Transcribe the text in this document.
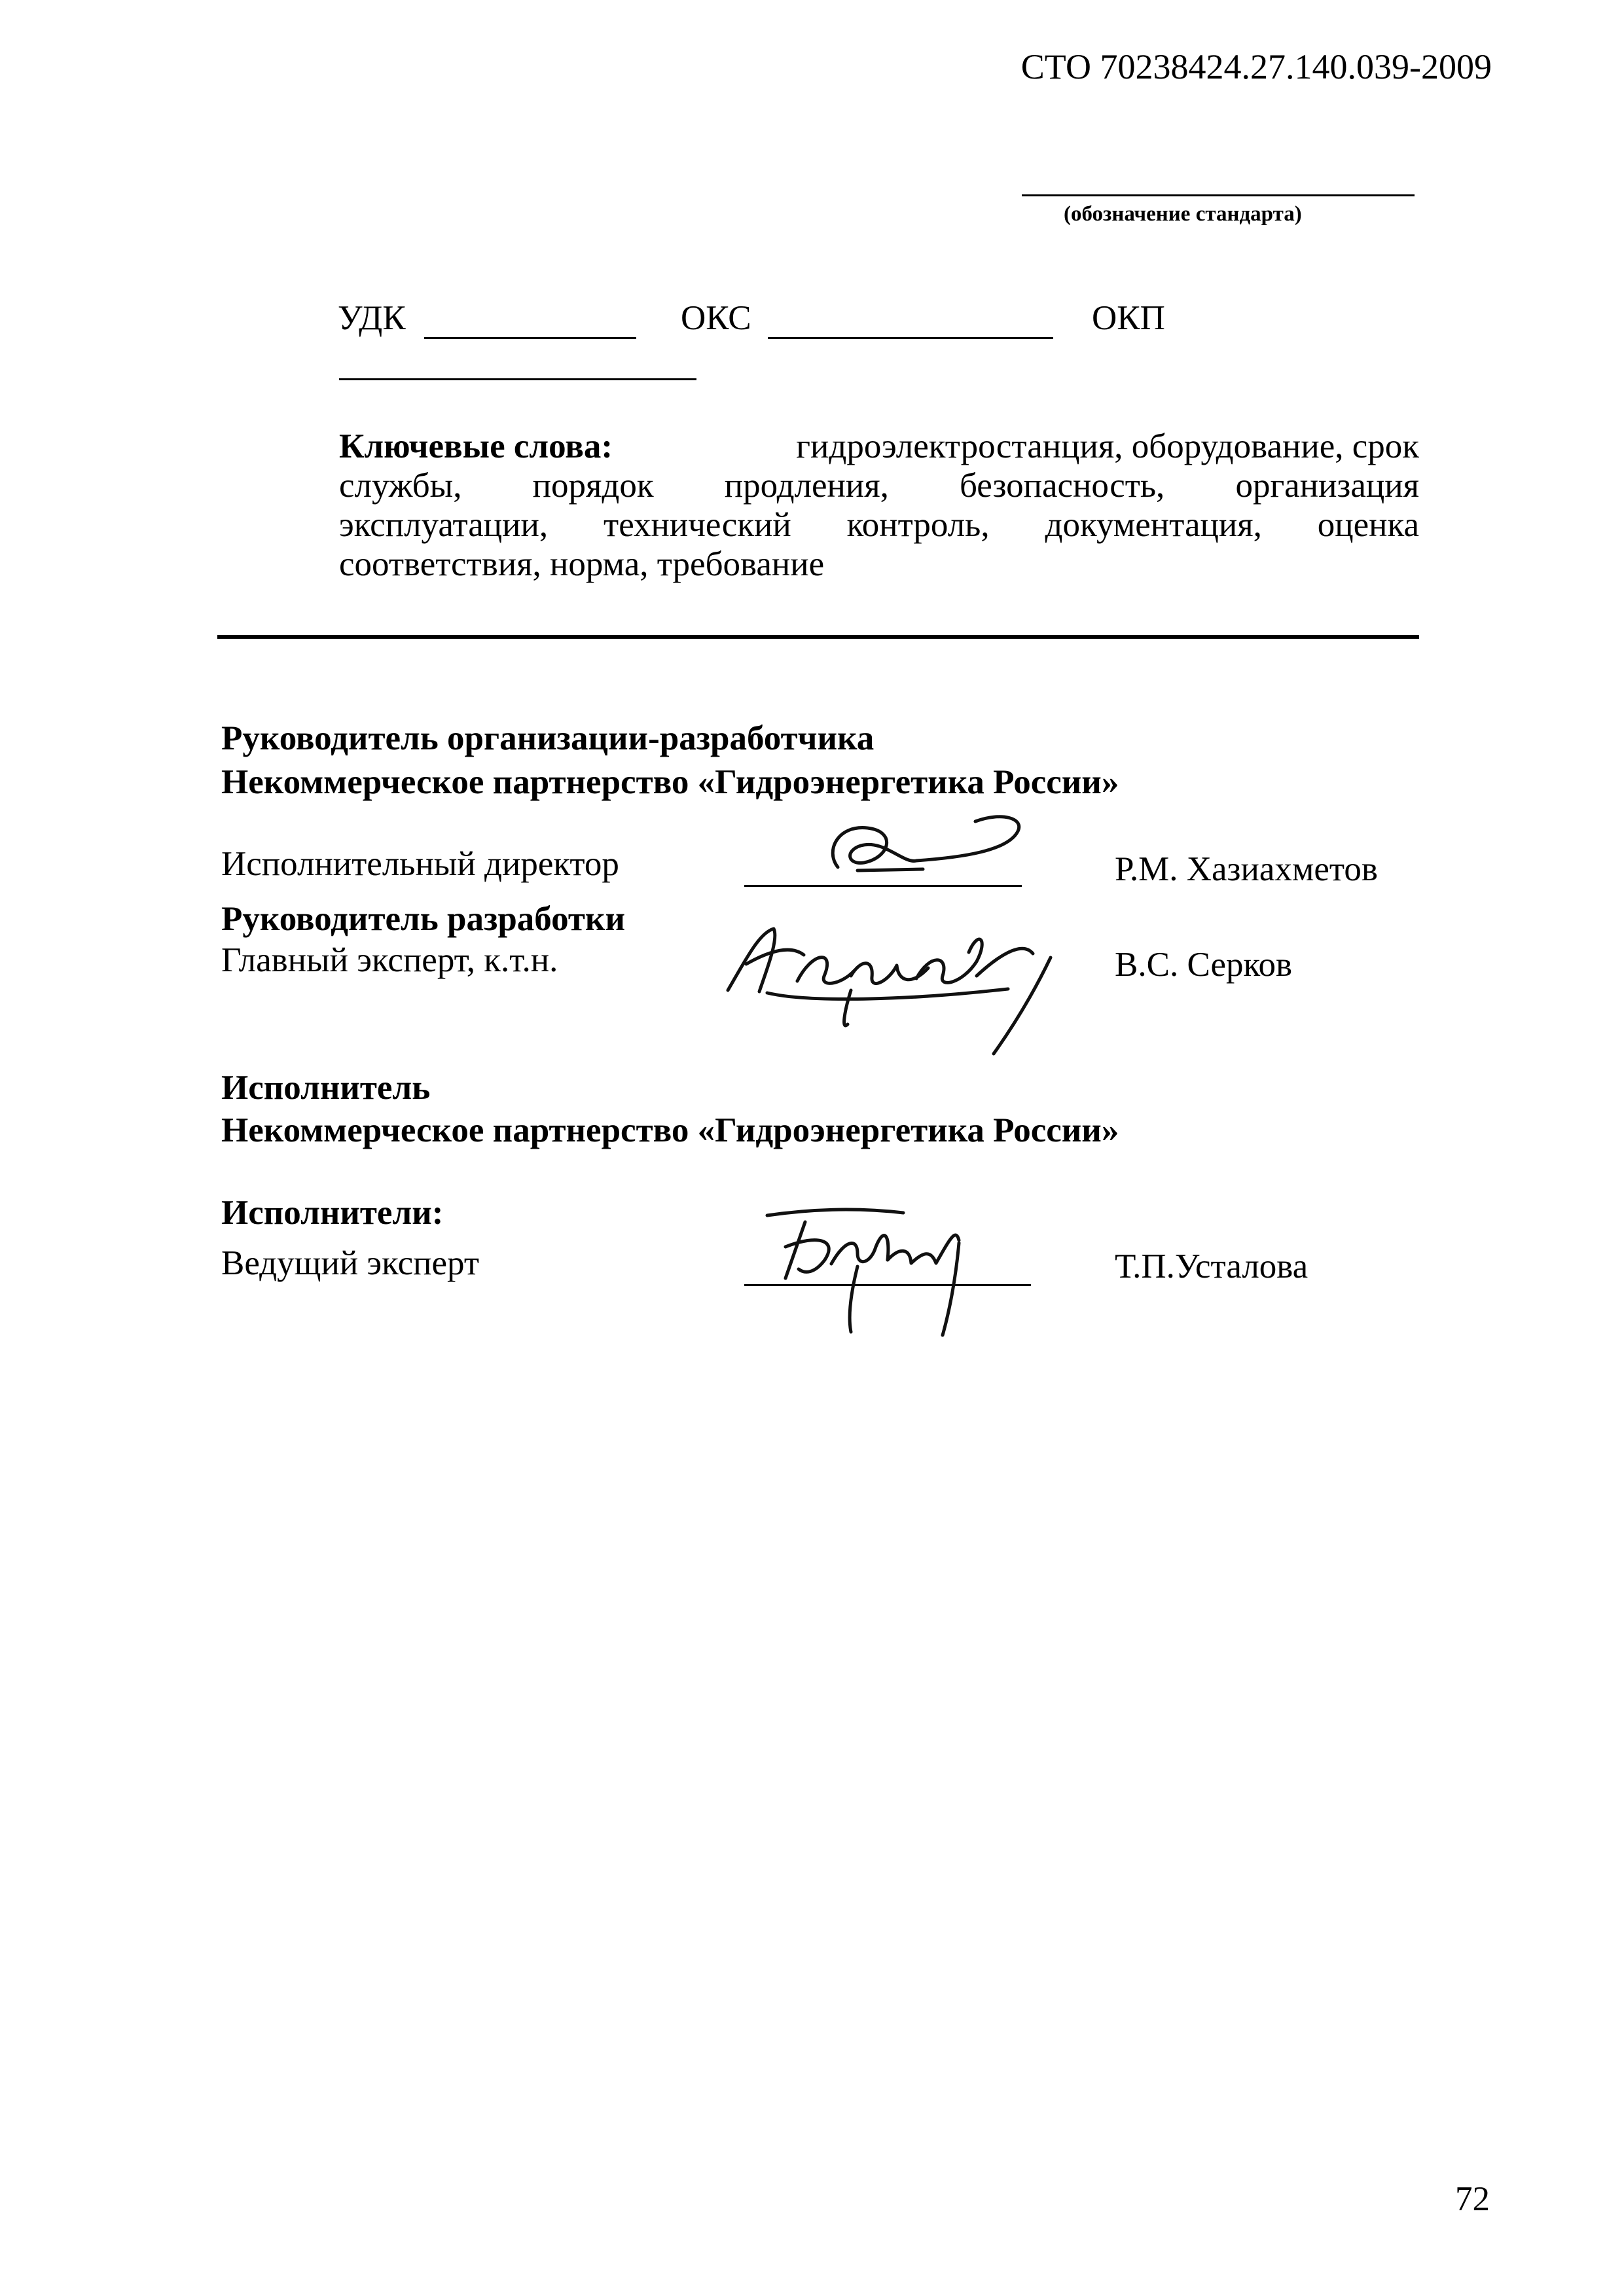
СТО 70238424.27.140.039-2009
(обозначение стандарта)
УДК	ОКС	ОКП
Ключевые слова:	гидроэлектростанция, оборудование, срок
службы, порядок продления, безопасность, организация
эксплуатации, технический контроль, документация, оценка
соответствия, норма, требование
Руководитель организации-разработчика
Некоммерческое партнерство «Гидроэнергетика России»
Исполнительный директор	Р.М. Хазиахметов
Руководитель разработки
Главный эксперт, к.т.н.	В.С. Серков
Исполнитель
Некоммерческое партнерство «Гидроэнергетика России»
Исполнители:
Ведущий эксперт	Т.П.Усталова
72
